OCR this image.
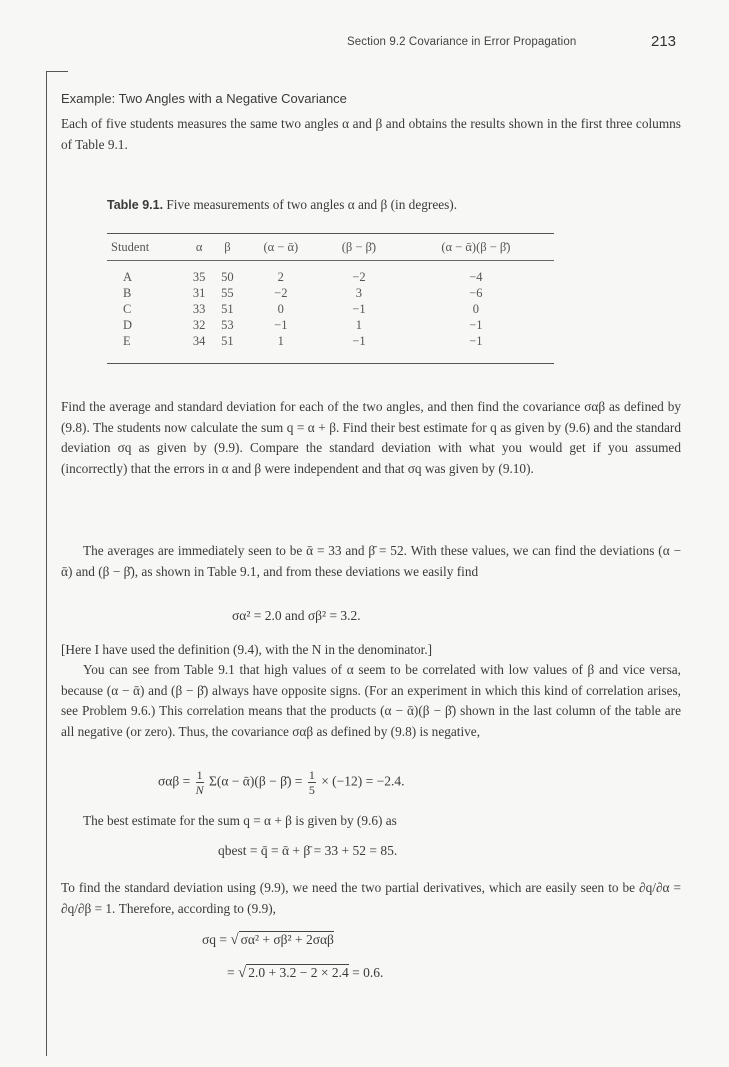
Section 9.2 Covariance in Error Propagation	213
Example: Two Angles with a Negative Covariance

Each of five students measures the same two angles α and β and obtains the results shown in the first three columns of Table 9.1.

Table 9.1. Five measurements of two angles α and β (in degrees).
Student	α	β	(α − ᾱ)	(β − β̄)	(α − ᾱ)(β − β̄)
A	35	50	2	−2	−4
B	31	55	−2	3	−6
C	33	51	0	−1	0
D	32	53	−1	1	−1
E	34	51	1	−1	−1

Find the average and standard deviation for each of the two angles, and then find the covariance σαβ as defined by (9.8). The students now calculate the sum q = α + β. Find their best estimate for q as given by (9.6) and the standard deviation σq as given by (9.9). Compare the standard deviation with what you would get if you assumed (incorrectly) that the errors in α and β were independent and that σq was given by (9.10).

The averages are immediately seen to be ᾱ = 33 and β̄ = 52. With these values, we can find the deviations (α − ᾱ) and (β − β̄), as shown in Table 9.1, and from these deviations we easily find

σα² = 2.0 and σβ² = 3.2.

[Here I have used the definition (9.4), with the N in the denominator.]

You can see from Table 9.1 that high values of α seem to be correlated with low values of β and vice versa, because (α − ᾱ) and (β − β̄) always have opposite signs. (For an experiment in which this kind of correlation arises, see Problem 9.6.) This correlation means that the products (α − ᾱ)(β − β̄) shown in the last column of the table are all negative (or zero). Thus, the covariance σαβ as defined by (9.8) is negative,

$\sigma\alpha\beta = \frac{1}{N} \Sigma(\alpha$ − ᾱ)(β − β̄) = $\frac{1}{5} \times (-12) = -2.4$.

The best estimate for the sum q = α + β is given by (9.6) as

qbest = q̄ = ᾱ + β̄ = 33 + 52 = 85.

To find the standard deviation using (9.9), we need the two partial derivatives, which are easily seen to be ∂q/∂α = ∂q/∂β = 1. Therefore, according to (9.9),

σq = √ σα² + σβ² + 2σαβ
= √ 2.0 + 3.2 − 2 × 2.4 = 0.6.
